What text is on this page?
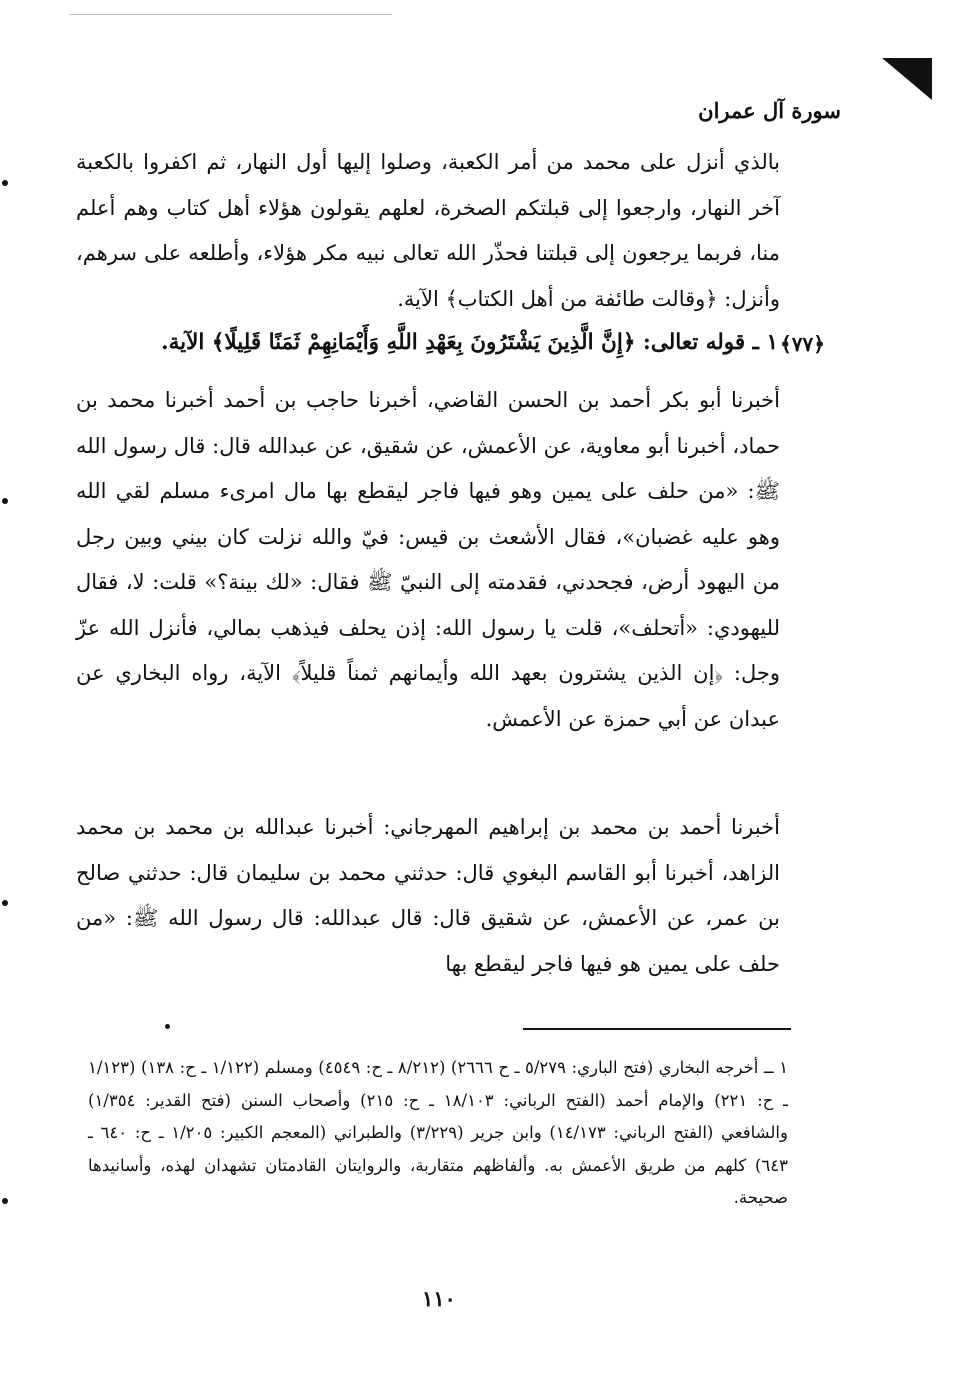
سورة آل عمران

بالذي أنزل على محمد من أمر الكعبة، وصلوا إليها أول النهار، ثم اكفروا بالكعبة آخر النهار، وارجعوا إلى قبلتكم الصخرة، لعلهم يقولون هؤلاء أهل كتاب وهم أعلم منا، فربما يرجعون إلى قبلتنا فحذّر الله تعالى نبيه مكر هؤلاء، وأطلعه على سرهم، وأنزل: ﴿وقالت طائفة من أهل الكتاب﴾ الآية.

﴿٧٧﴾
١ ـ قوله تعالى: ﴿إِنَّ الَّذِينَ يَشْتَرُونَ بِعَهْدِ اللَّهِ وَأَيْمَانِهِمْ ثَمَنًا قَلِيلًا﴾ الآية.

أخبرنا أبو بكر أحمد بن الحسن القاضي، أخبرنا حاجب بن أحمد أخبرنا محمد بن حماد، أخبرنا أبو معاوية، عن الأعمش، عن شقيق، عن عبدالله قال: قال رسول الله ﷺ: «من حلف على يمين وهو فيها فاجر ليقطع بها مال امرىء مسلم لقي الله وهو عليه غضبان»، فقال الأشعث بن قيس: فيّ والله نزلت كان بيني وبين رجل من اليهود أرض، فجحدني، فقدمته إلى النبيّ ﷺ فقال: «لك بينة؟» قلت: لا، فقال لليهودي: «أتحلف»، قلت يا رسول الله: إذن يحلف فيذهب بمالي، فأنزل الله عزّ وجل: ﴿إن الذين يشترون بعهد الله وأيمانهم ثمناً قليلاً﴾ الآية، رواه البخاري عن عبدان عن أبي حمزة عن الأعمش.

أخبرنا أحمد بن محمد بن إبراهيم المهرجاني: أخبرنا عبدالله بن محمد بن محمد الزاهد، أخبرنا أبو القاسم البغوي قال: حدثني محمد بن سليمان قال: حدثني صالح بن عمر، عن الأعمش، عن شقيق قال: قال عبدالله: قال رسول الله ﷺ: «من حلف على يمين هو فيها فاجر ليقطع بها

١ ــ أخرجه البخاري (فتح الباري: ٥/٢٧٩ ـ ح ٢٦٦٦) (٨/٢١٢ ـ ح: ٤٥٤٩) ومسلم (١/١٢٢ ـ ح: ١٣٨) (١/١٢٣ ـ ح: ٢٢١) والإمام أحمد (الفتح الرباني: ١٨/١٠٣ ـ ح: ٢١٥) وأصحاب السنن (فتح القدير: ١/٣٥٤) والشافعي (الفتح الرباني: ١٤/١٧٣) وابن جرير (٣/٢٢٩) والطبراني (المعجم الكبير: ١/٢٠٥ ـ ح: ٦٤٠ ـ ٦٤٣) كلهم من طريق الأعمش به. وألفاظهم متقاربة، والروايتان القادمتان تشهدان لهذه، وأسانيدها صحيحة.

١١٠
